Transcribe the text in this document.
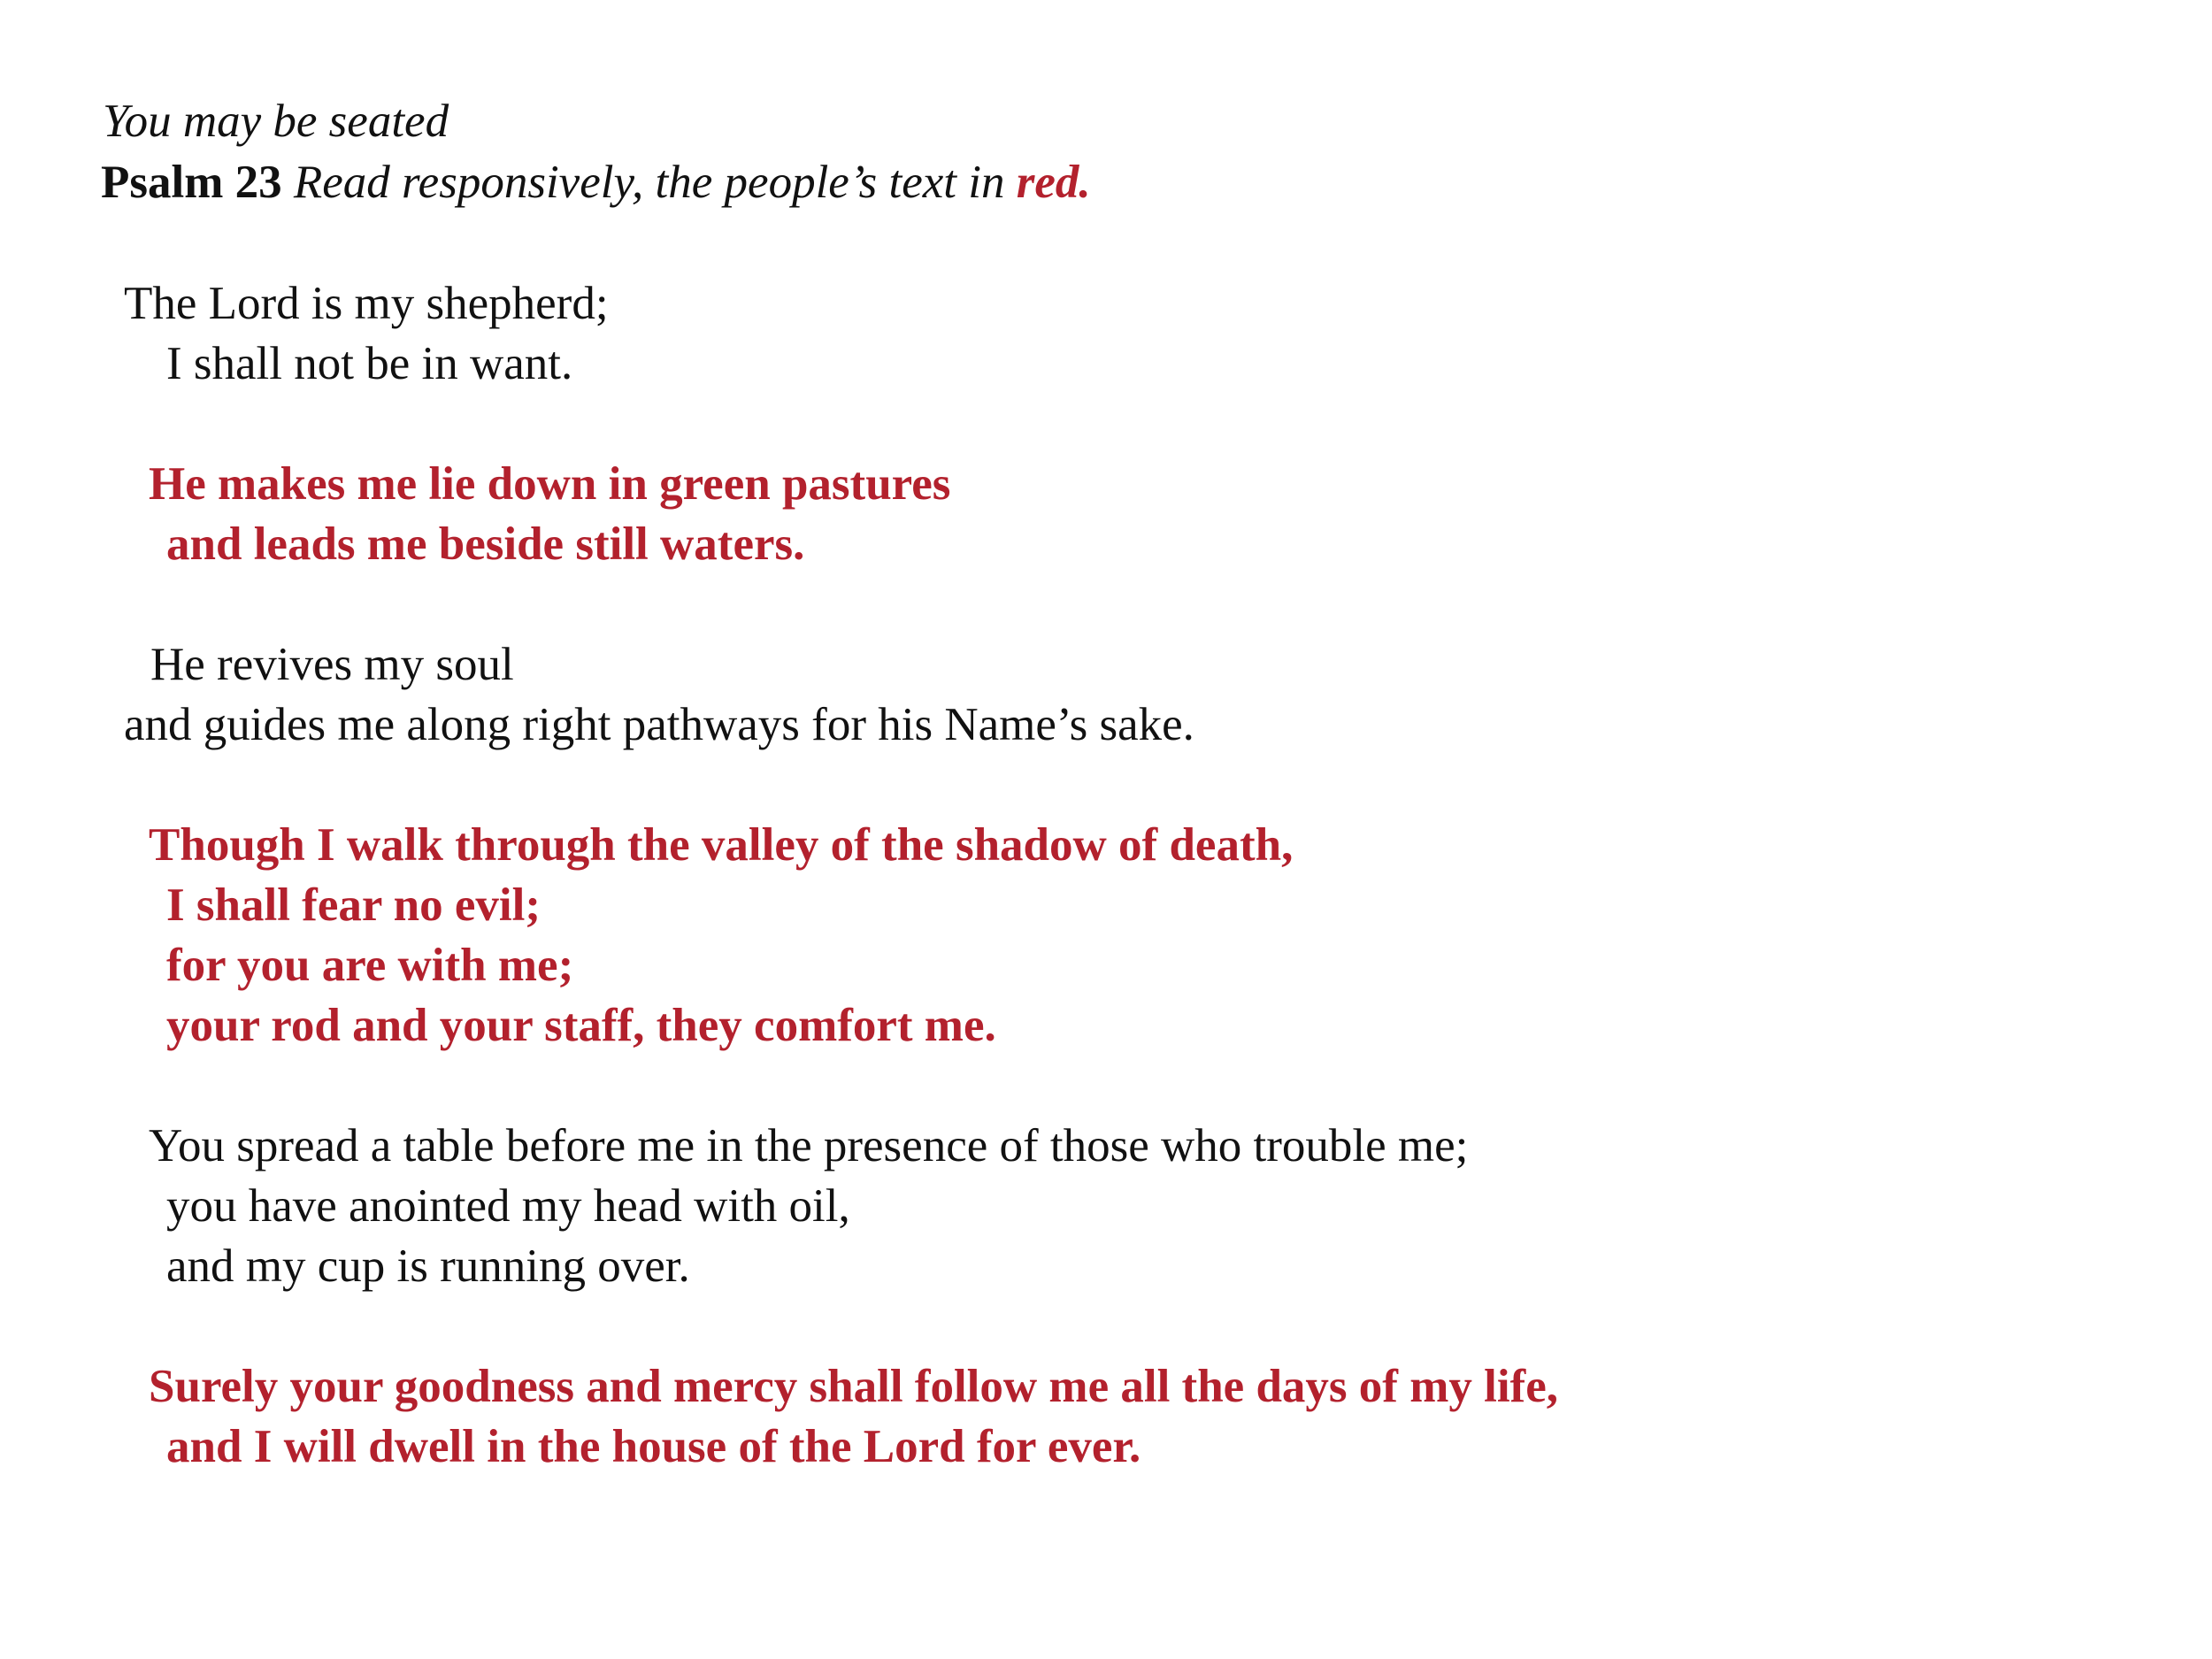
You may be seated
Psalm 23 Read responsively, the people’s text in red.
The Lord is my shepherd;
I shall not be in want.
He makes me lie down in green pastures
and leads me beside still waters.
He revives my soul
and guides me along right pathways for his Name’s sake.
Though I walk through the valley of the shadow of death,
I shall fear no evil;
for you are with me;
your rod and your staff, they comfort me.
You spread a table before me in the presence of those who trouble me;
you have anointed my head with oil,
and my cup is running over.
Surely your goodness and mercy shall follow me all the days of my life,
and I will dwell in the house of the Lord for ever.
